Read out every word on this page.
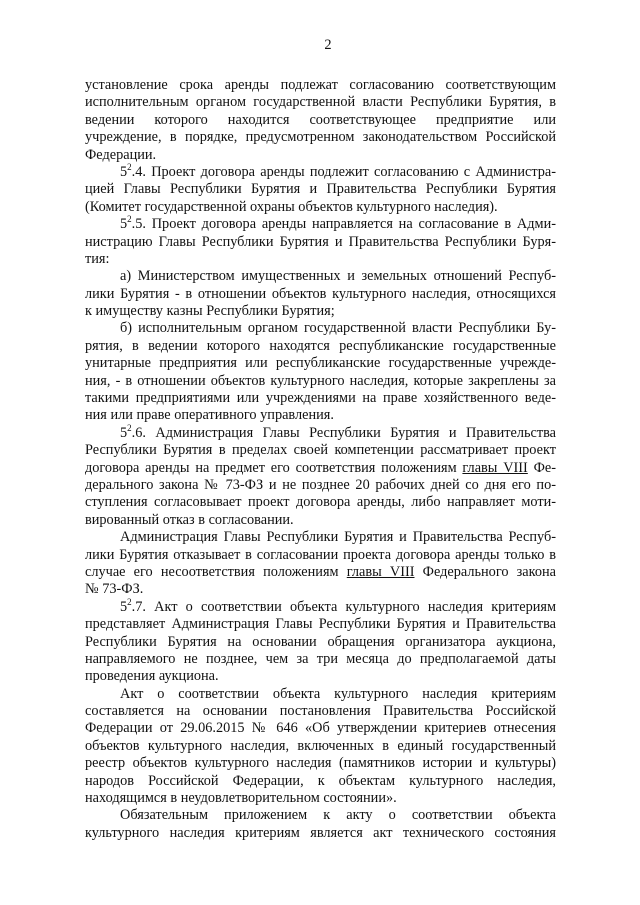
2
установление срока аренды подлежат согласованию соответствующим
исполнительным органом государственной власти Республики Бурятия, в
ведении которого находится соответствующее предприятие или
учреждение, в порядке, предусмотренном законодательством Российской
Федерации.
$5^2.4$. Проект договора аренды подлежит согласованию с Администра-
цией Главы Республики Бурятия и Правительства Республики Бурятия
(Комитет государственной охраны объектов культурного наследия).
$5^2.5$. Проект договора аренды направляется на согласование в Адми-
нистрацию Главы Республики Бурятия и Правительства Республики Буря-
тия:
а) Министерством имущественных и земельных отношений Респуб-
лики Бурятия - в отношении объектов культурного наследия, относящихся
к имуществу казны Республики Бурятия;
б) исполнительным органом государственной власти Республики Бу-
рятия, в ведении которого находятся республиканские государственные
унитарные предприятия или республиканские государственные учрежде-
ния, - в отношении объектов культурного наследия, которые закреплены за
такими предприятиями или учреждениями на праве хозяйственного веде-
ния или праве оперативного управления.
$5^2.6$. Администрация Главы Республики Бурятия и Правительства
Республики Бурятия в пределах своей компетенции рассматривает проект
договора аренды на предмет его соответствия положениям главы VIII Фе-
дерального закона № 73-ФЗ и не позднее 20 рабочих дней со дня его по-
ступления согласовывает проект договора аренды, либо направляет моти-
вированный отказ в согласовании.
Администрация Главы Республики Бурятия и Правительства Респуб-
лики Бурятия отказывает в согласовании проекта договора аренды только в
случае его несоответствия положениям главы VIII Федерального закона
№ 73-ФЗ.
$5^2.7$. Акт о соответствии объекта культурного наследия критериям
представляет Администрация Главы Республики Бурятия и Правительства
Республики Бурятия на основании обращения организатора аукциона,
направляемого не позднее, чем за три месяца до предполагаемой даты
проведения аукциона.
Акт о соответствии объекта культурного наследия критериям
составляется на основании постановления Правительства Российской
Федерации от 29.06.2015 № 646 «Об утверждении критериев отнесения
объектов культурного наследия, включенных в единый государственный
реестр объектов культурного наследия (памятников истории и культуры)
народов Российской Федерации, к объектам культурного наследия,
находящимся в неудовлетворительном состоянии».
Обязательным приложением к акту о соответствии объекта
культурного наследия критериям является акт технического состояния
